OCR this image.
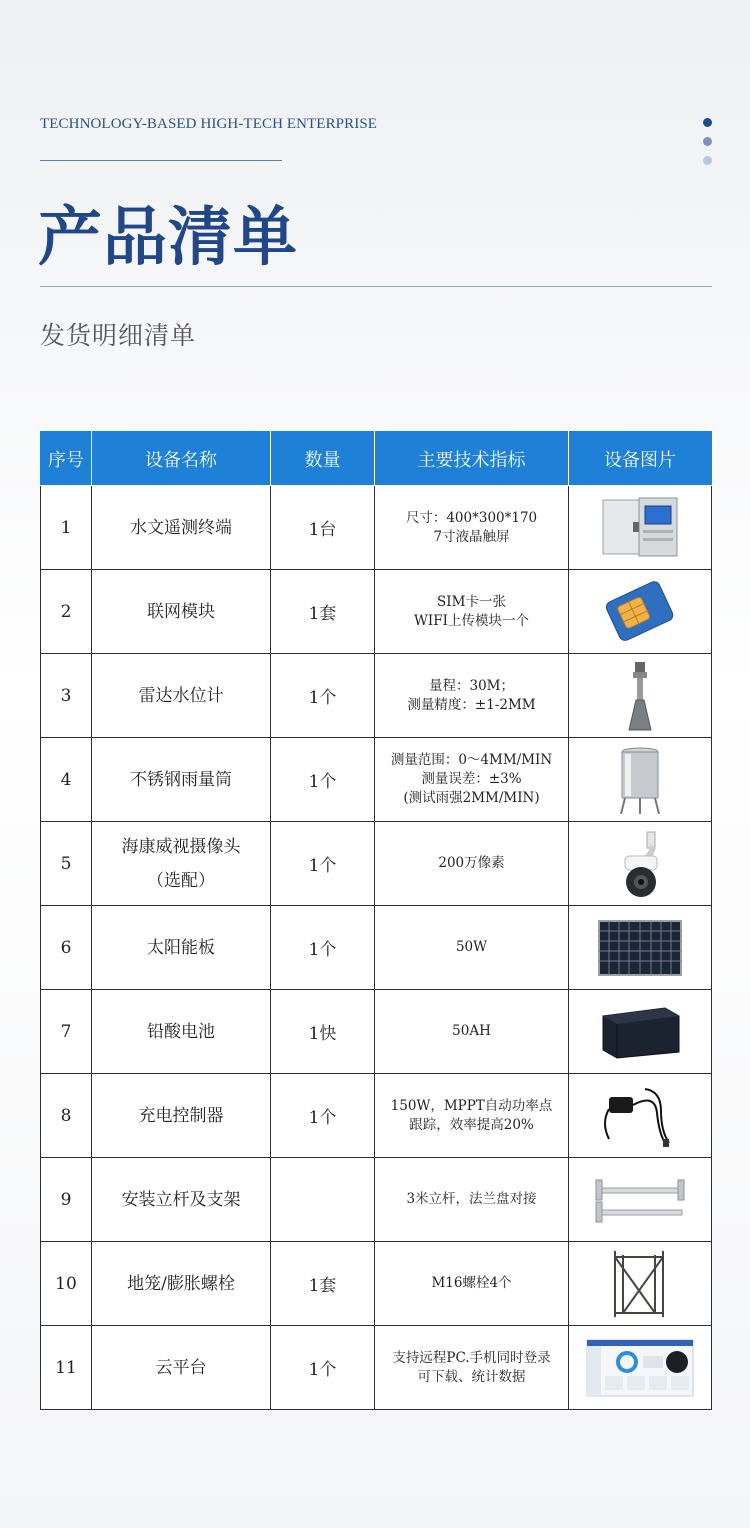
TECHNOLOGY-BASED HIGH-TECH ENTERPRISE
产品清单
发货明细清单
序号	设备名称	数量	主要技术指标	设备图片
1	水文遥测终端	1台	尺寸：400*300*170
7寸液晶触屏

2	联网模块	1套	SIM卡一张
WIFI上传模块一个

3	雷达水位计	1个	量程：30M；
测量精度：±1-2MM

4	不锈钢雨量筒	1个	测量范围：0～4MM/MIN
测量误差：±3%
(测试雨强2MM/MIN)

5	海康威视摄像头
（选配）	1个	200万像素

6	太阳能板	1个	50W

7	铅酸电池	1快	50AH

8	充电控制器	1个	150W，MPPT自动功率点
跟踪，效率提高20%

9	安装立杆及支架		3米立杆，法兰盘对接

10	地笼/膨胀螺栓	1套	M16螺栓4个

11	云平台	1个	支持远程PC.手机同时登录
可下载、统计数据
